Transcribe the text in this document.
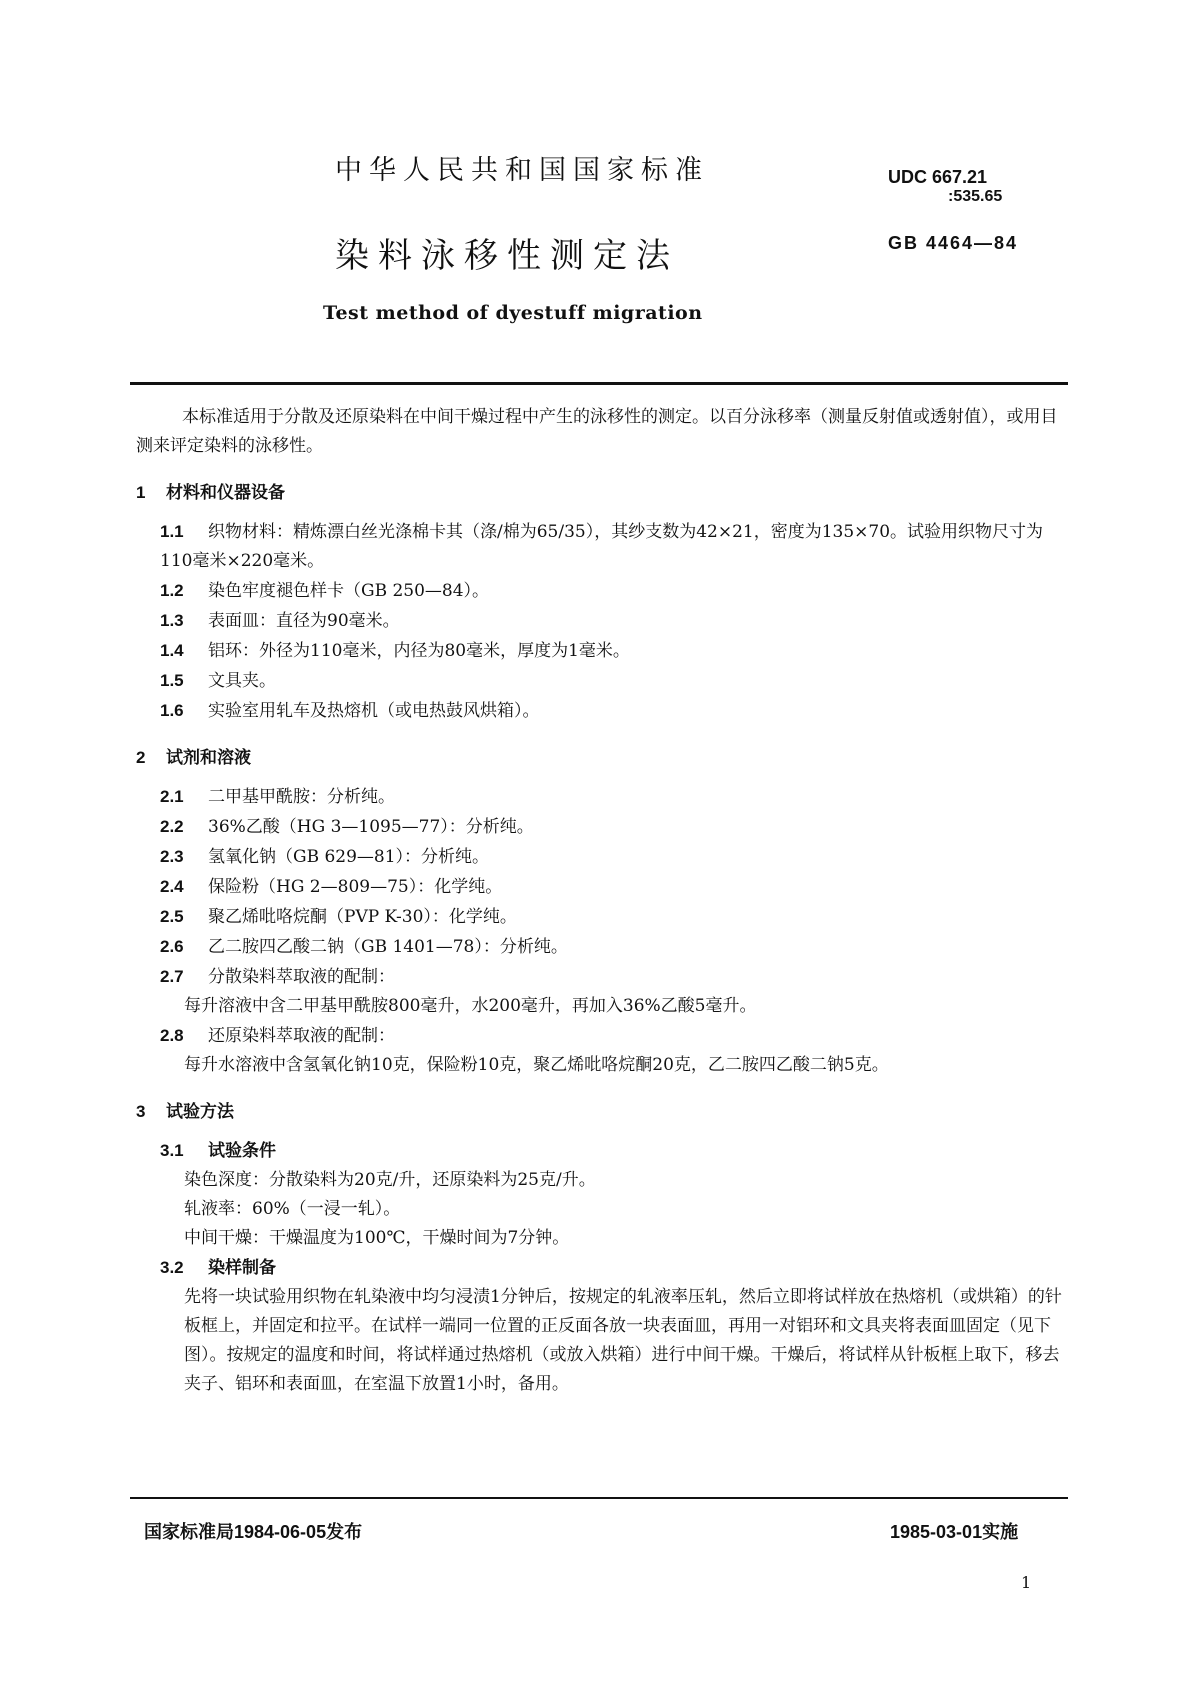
中华人民共和国国家标准
染料泳移性测定法
Test method of dyestuff migration
UDC 667.21
:535.65
GB 4464—84

本标准适用于分散及还原染料在中间干燥过程中产生的泳移性的测定。以百分泳移率（测量反射值或透射值），或用目测来评定染料的泳移性。

1 材料和仪器设备

1.1 织物材料：精炼漂白丝光涤棉卡其（涤/棉为65/35），其纱支数为42×21，密度为135×70。试验用织物尺寸为110毫米×220毫米。

1.2 染色牢度褪色样卡（GB 250—84）。

1.3 表面皿：直径为90毫米。

1.4 铝环：外径为110毫米，内径为80毫米，厚度为1毫米。

1.5 文具夹。

1.6 实验室用轧车及热熔机（或电热鼓风烘箱）。

2 试剂和溶液

2.1 二甲基甲酰胺：分析纯。

2.2 36%乙酸（HG 3—1095—77）：分析纯。

2.3 氢氧化钠（GB 629—81）：分析纯。

2.4 保险粉（HG 2—809—75）：化学纯。

2.5 聚乙烯吡咯烷酮（PVP K-30）：化学纯。

2.6 乙二胺四乙酸二钠（GB 1401—78）：分析纯。

2.7 分散染料萃取液的配制：

每升溶液中含二甲基甲酰胺800毫升，水200毫升，再加入36%乙酸5毫升。

2.8 还原染料萃取液的配制：

每升水溶液中含氢氧化钠10克，保险粉10克，聚乙烯吡咯烷酮20克，乙二胺四乙酸二钠5克。

3 试验方法

3.1 试验条件

染色深度：分散染料为20克/升，还原染料为25克/升。

轧液率：60%（一浸一轧）。

中间干燥：干燥温度为100℃，干燥时间为7分钟。

3.2 染样制备

先将一块试验用织物在轧染液中均匀浸渍1分钟后，按规定的轧液率压轧，然后立即将试样放在热熔机（或烘箱）的针板框上，并固定和拉平。在试样一端同一位置的正反面各放一块表面皿，再用一对铝环和文具夹将表面皿固定（见下图）。按规定的温度和时间，将试样通过热熔机（或放入烘箱）进行中间干燥。干燥后，将试样从针板框上取下，移去夹子、铝环和表面皿，在室温下放置1小时，备用。

国家标准局1984-06-05发布	1985-03-01实施
1
